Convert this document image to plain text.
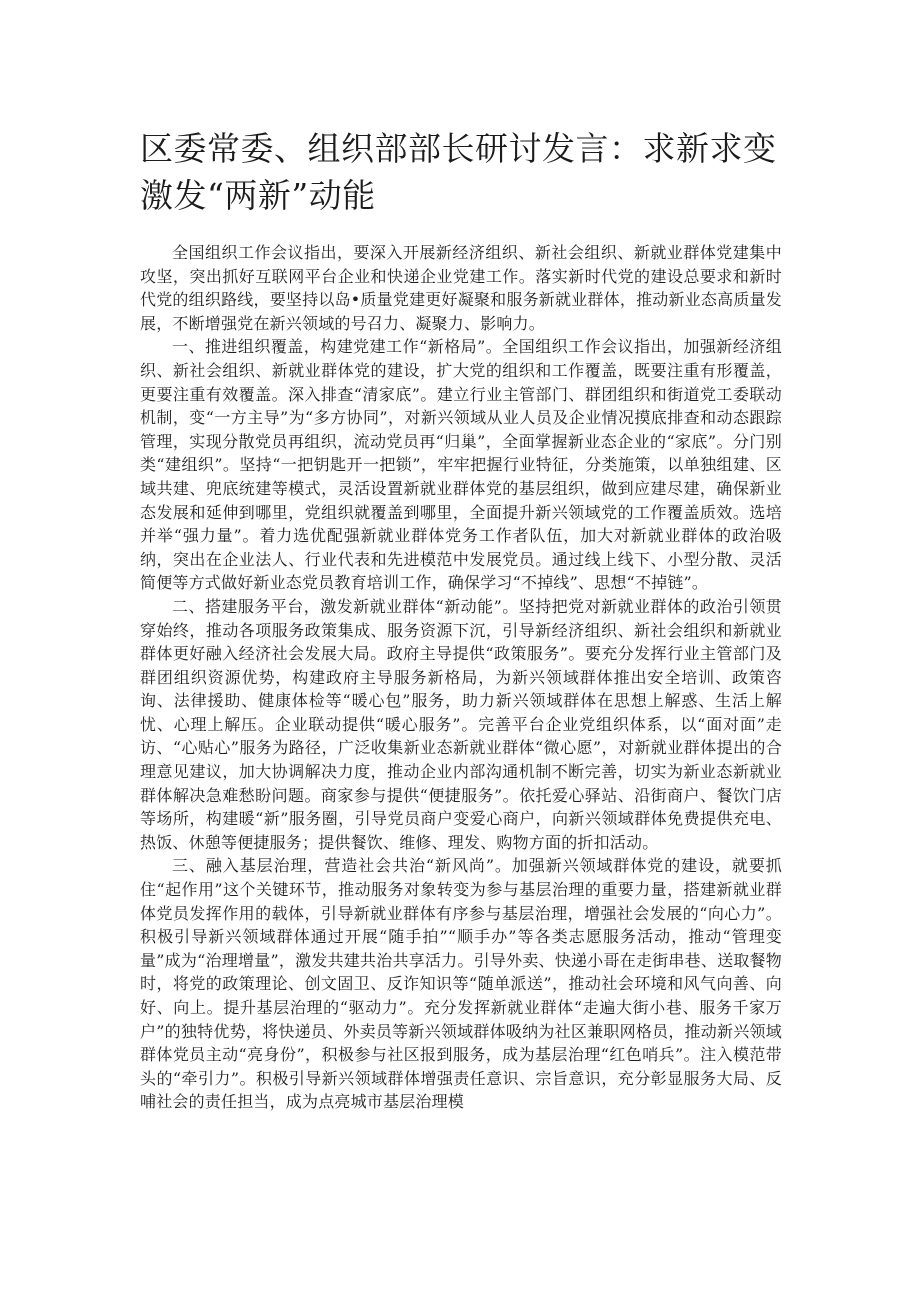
区委常委、组织部部长研讨发言：求新求变激发“两新”动能

全国组织工作会议指出，要深入开展新经济组织、新社会组织、新就业群体党建集中攻坚，突出抓好互联网平台企业和快递企业党建工作。落实新时代党的建设总要求和新时代党的组织路线，要坚持以岛•质量党建更好凝聚和服务新就业群体，推动新业态高质量发展，不断增强党在新兴领域的号召力、凝聚力、影响力。

一、推进组织覆盖，构建党建工作“新格局”。全国组织工作会议指出，加强新经济组织、新社会组织、新就业群体党的建设，扩大党的组织和工作覆盖，既要注重有形覆盖，更要注重有效覆盖。深入排查“清家底”。建立行业主管部门、群团组织和街道党工委联动机制，变“一方主导”为“多方协同”，对新兴领域从业人员及企业情况摸底排查和动态跟踪管理，实现分散党员再组织，流动党员再“归巢”，全面掌握新业态企业的“家底”。分门别类“建组织”。坚持“一把钥匙开一把锁”，牢牢把握行业特征，分类施策，以单独组建、区域共建、兜底统建等模式，灵活设置新就业群体党的基层组织，做到应建尽建，确保新业态发展和延伸到哪里，党组织就覆盖到哪里，全面提升新兴领域党的工作覆盖质效。选培并举“强力量”。着力选优配强新就业群体党务工作者队伍，加大对新就业群体的政治吸纳，突出在企业法人、行业代表和先进模范中发展党员。通过线上线下、小型分散、灵活简便等方式做好新业态党员教育培训工作，确保学习“不掉线”、思想“不掉链”。

二、搭建服务平台，激发新就业群体“新动能”。坚持把党对新就业群体的政治引领贯穿始终，推动各项服务政策集成、服务资源下沉，引导新经济组织、新社会组织和新就业群体更好融入经济社会发展大局。政府主导提供“政策服务”。要充分发挥行业主管部门及群团组织资源优势，构建政府主导服务新格局，为新兴领域群体推出安全培训、政策咨询、法律援助、健康体检等“暖心包”服务，助力新兴领域群体在思想上解惑、生活上解忧、心理上解压。企业联动提供“暖心服务”。完善平台企业党组织体系，以“面对面”走访、“心贴心”服务为路径，广泛收集新业态新就业群体“微心愿”，对新就业群体提出的合理意见建议，加大协调解决力度，推动企业内部沟通机制不断完善，切实为新业态新就业群体解决急难愁盼问题。商家参与提供“便捷服务”。依托爱心驿站、沿街商户、餐饮门店等场所，构建暖“新”服务圈，引导党员商户变爱心商户，向新兴领域群体免费提供充电、热饭、休憩等便捷服务；提供餐饮、维修、理发、购物方面的折扣活动。

三、融入基层治理，营造社会共治“新风尚”。加强新兴领域群体党的建设，就要抓住“起作用”这个关键环节，推动服务对象转变为参与基层治理的重要力量，搭建新就业群体党员发挥作用的载体，引导新就业群体有序参与基层治理，增强社会发展的“向心力”。积极引导新兴领域群体通过开展“随手拍”“顺手办”等各类志愿服务活动，推动“管理变量”成为“治理增量”，激发共建共治共享活力。引导外卖、快递小哥在走街串巷、送取餐物时，将党的政策理论、创文固卫、反诈知识等“随单派送”，推动社会环境和风气向善、向好、向上。提升基层治理的“驱动力”。充分发挥新就业群体“走遍大街小巷、服务千家万户”的独特优势，将快递员、外卖员等新兴领域群体吸纳为社区兼职网格员，推动新兴领域群体党员主动“亮身份”，积极参与社区报到服务，成为基层治理“红色哨兵”。注入模范带头的“牵引力”。积极引导新兴领域群体增强责任意识、宗旨意识，充分彰显服务大局、反哺社会的责任担当，成为点亮城市基层治理模
